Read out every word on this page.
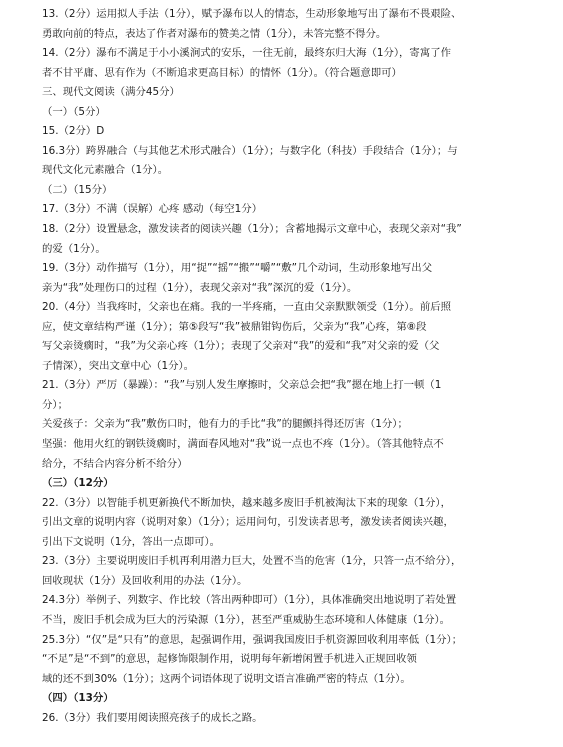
13.（2分）运用拟人手法（1分），赋予瀑布以人的情态，生动形象地写出了瀑布不畏艰险、
勇敢向前的特点，表达了作者对瀑布的赞美之情（1分），未答完整不得分。
14.（2分）瀑布不满足于小小溪涧式的安乐，一往无前，最终东归大海（1分），寄寓了作
者不甘平庸、思有作为（不断追求更高目标）的情怀（1分）。（符合题意即可）
三、现代文阅读（满分45分）
（一）（5分）
15.（2分）D
16.3分）跨界融合（与其他艺术形式融合）（1分）；与数字化（科技）手段结合（1分）；与
现代文化元素融合（1分）。
（二）（15分）
17.（3分）不满（误解）心疼 感动（每空1分）
18.（2分）设置悬念，激发读者的阅读兴趣（1分）；含蓄地揭示文章中心，表现父亲对“我”
的爱（1分）。
19.（3分）动作描写（1分），用“捉”“摇”“搬”“嚼”“敷”几个动词，生动形象地写出父
亲为“我”处理伤口的过程（1分），表现父亲对“我”深沉的爱（1分）。
20.（4分）当我疼时，父亲也在痛。我的一半疼痛，一直由父亲默默领受（1分）。前后照
应，使文章结构严谨（1分）；第⑤段写“我”被鼎钳钩伤后，父亲为“我”心疼，第⑧段
写父亲烫瘸时，“我”为父亲心疼（1分）；表现了父亲对“我”的爱和“我”对父亲的爱（父
子情深），突出文章中心（1分）。
21.（3分）严厉（暴躁）：“我”与别人发生摩擦时，父亲总会把“我”摁在地上打一顿（1
分）；
关爱孩子：父亲为“我”敷伤口时，他有力的手比“我”的腿颤抖得还厉害（1分）；
坚强：他用火红的钢铁烫瘸时，满面春风地对“我”说一点也不疼（1分）。（答其他特点不
给分，不结合内容分析不给分）
（三）（12分）
22.（3分）以智能手机更新换代不断加快，越来越多废旧手机被淘汰下来的现象（1分），
引出文章的说明内容（说明对象）（1分）；运用问句，引发读者思考，激发读者阅读兴趣，
引出下文说明（1分，答出一点即可）。
23.（3分）主要说明废旧手机再利用潜力巨大，处置不当的危害（1分，只答一点不给分），
回收现状（1分）及回收利用的办法（1分）。
24.3分）举例子、列数字、作比较（答出两种即可）（1分），具体准确突出地说明了若处置
不当，废旧手机会成为巨大的污染源（1分），甚至严重威胁生态环境和人体健康（1分）。
25.3分）“仅”是“只有”的意思，起强调作用，强调我国废旧手机资源回收利用率低（1分）；
“不足”是“不到”的意思，起修饰限制作用，说明每年新增闲置手机进入正规回收领
域的还不到30%（1分）；这两个词语体现了说明文语言准确严密的特点（1分）。
（四）（13分）
26.（3分）我们要用阅读照亮孩子的成长之路。
